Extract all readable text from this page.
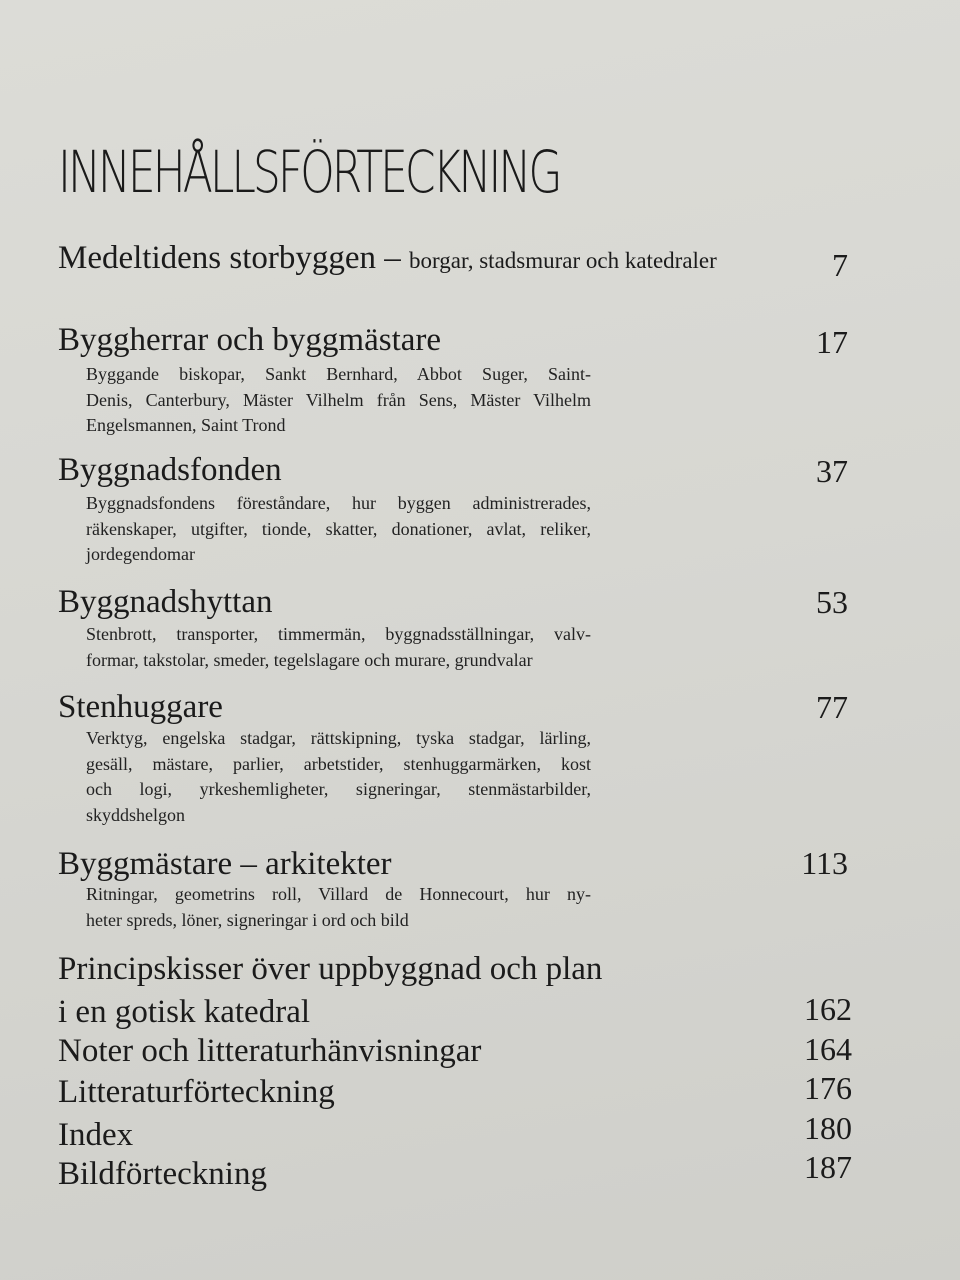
INNEHÅLLSFÖRTECKNING
Medeltidens storbyggen – borgar, stadsmurar och katedraler	7
Byggherrar och byggmästare	17
Byggande biskopar, Sankt Bernhard, Abbot Suger, Saint-
Denis, Canterbury, Mäster Vilhelm från Sens, Mäster Vilhelm
Engelsmannen, Saint Trond
Byggnadsfonden	37
Byggnadsfondens föreståndare, hur byggen administrerades,
räkenskaper, utgifter, tionde, skatter, donationer, avlat, reliker,
jordegendomar
Byggnadshyttan	53
Stenbrott, transporter, timmermän, byggnadsställningar, valv-
formar, takstolar, smeder, tegelslagare och murare, grundvalar
Stenhuggare	77
Verktyg, engelska stadgar, rättskipning, tyska stadgar, lärling,
gesäll, mästare, parlier, arbetstider, stenhuggarmärken, kost
och logi, yrkeshemligheter, signeringar, stenmästarbilder,
skyddshelgon
Byggmästare – arkitekter	113
Ritningar, geometrins roll, Villard de Honnecourt, hur ny-
heter spreds, löner, signeringar i ord och bild
Principskisser över uppbyggnad och plan
i en gotisk katedral	162
Noter och litteraturhänvisningar	164
Litteraturförteckning	176
Index	180
Bildförteckning	187
